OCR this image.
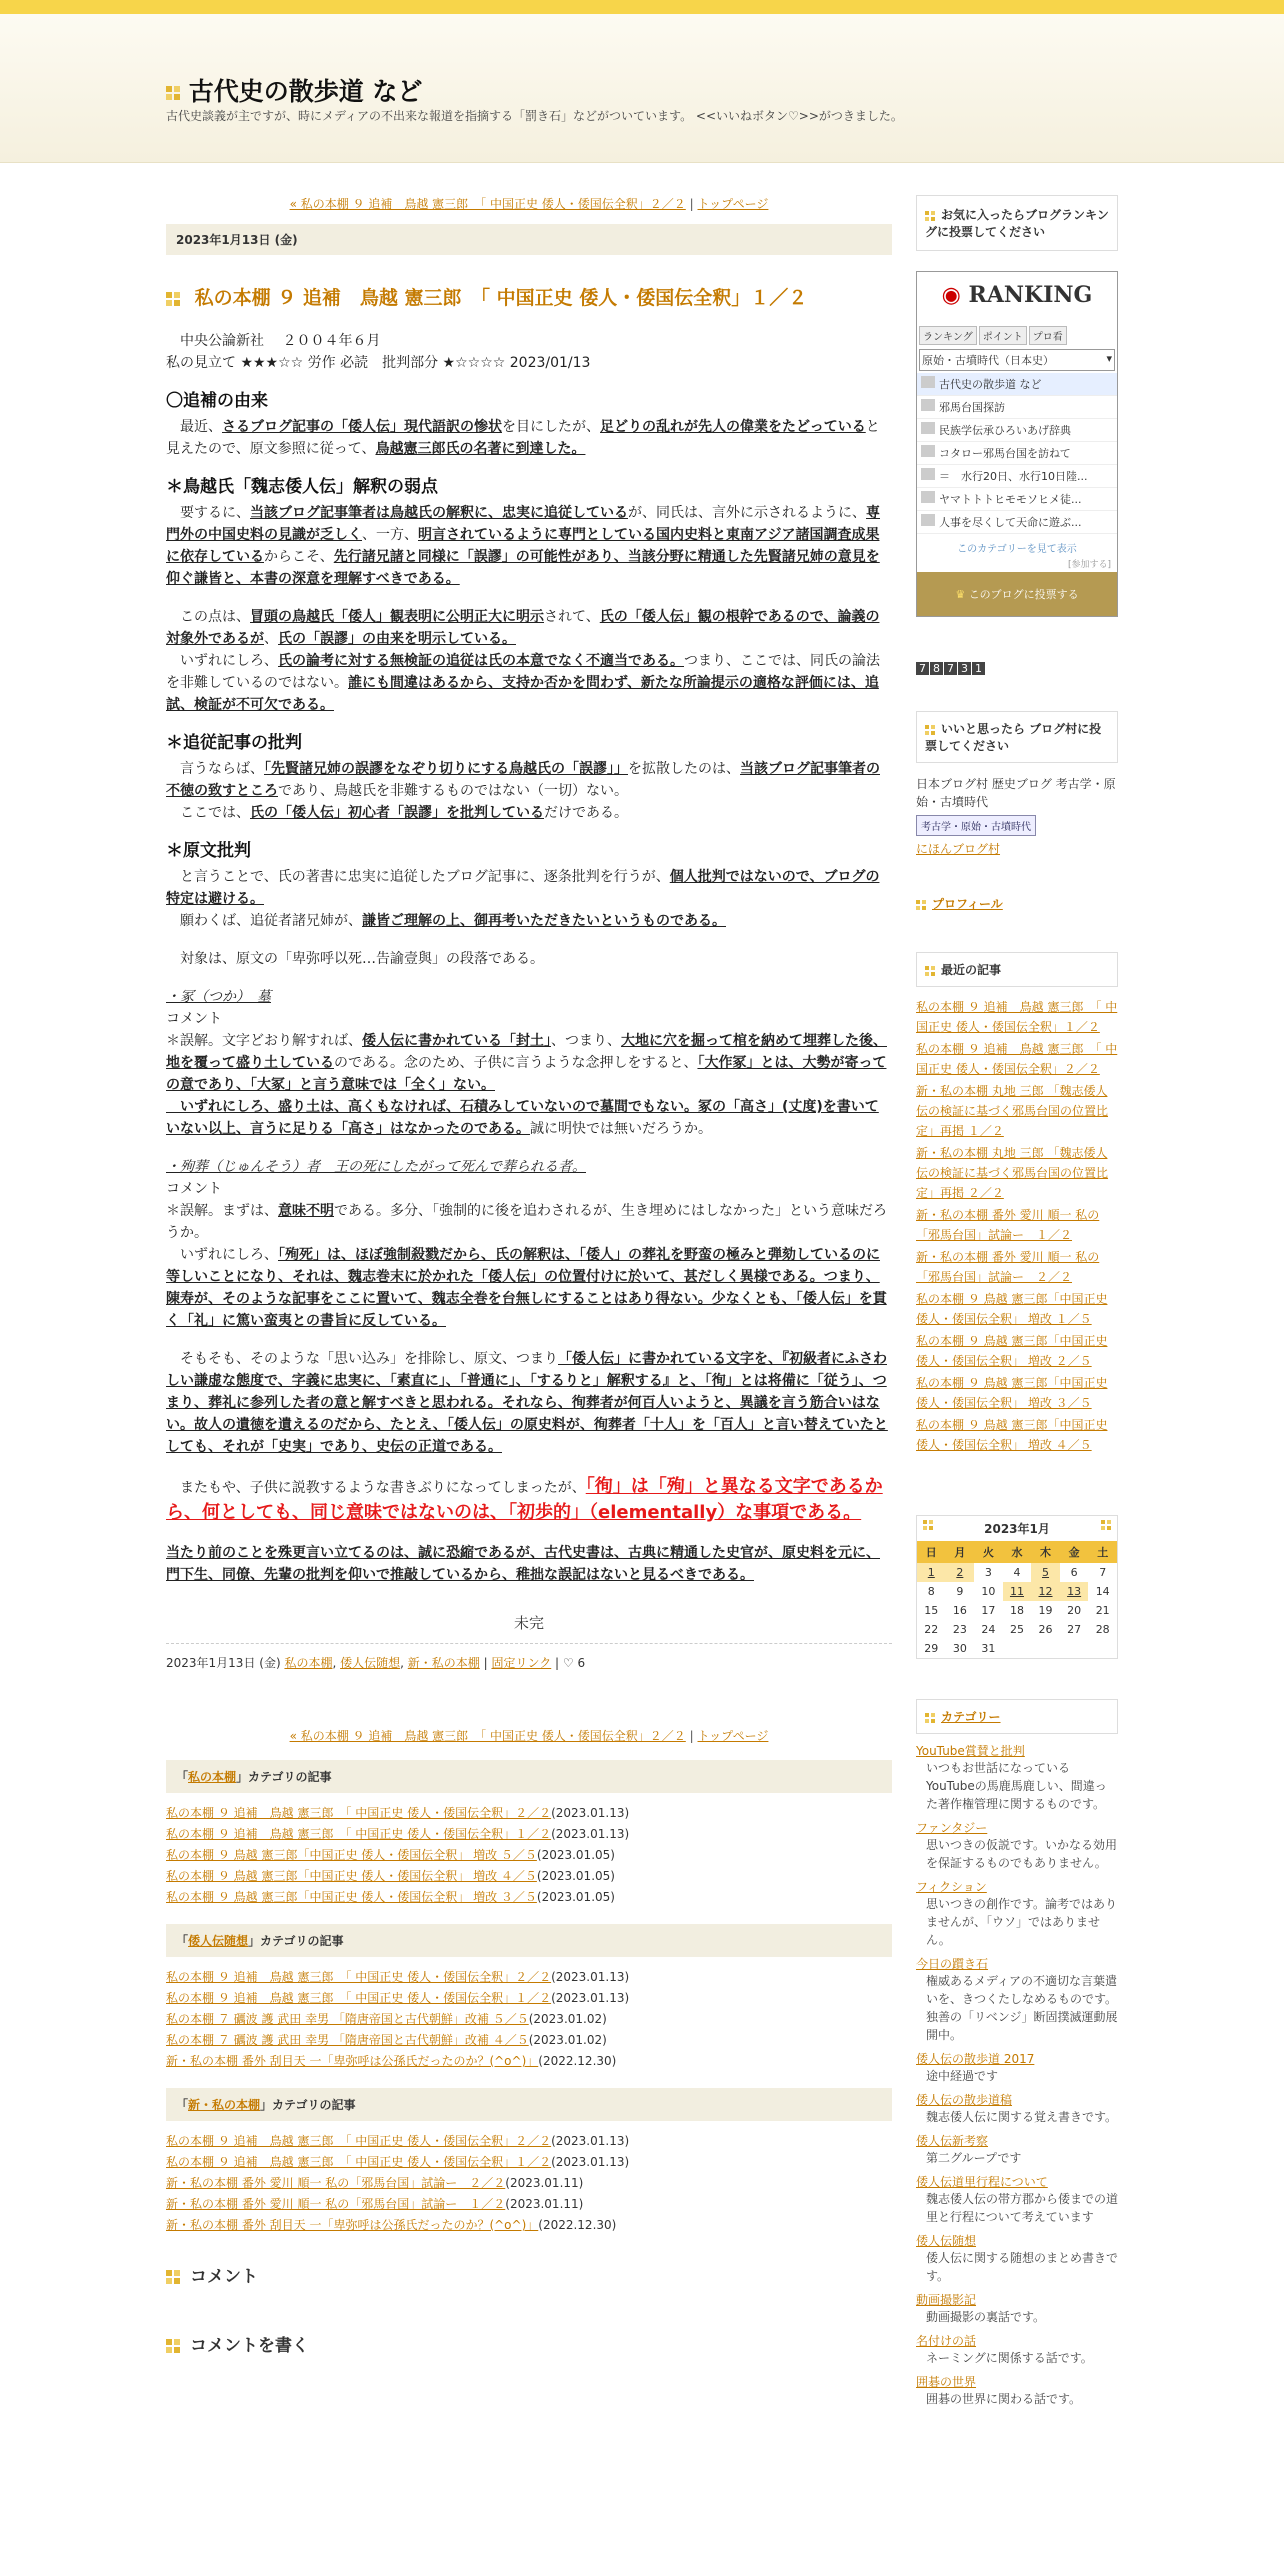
古代史の散歩道 など
古代史談義が主ですが、時にメディアの不出来な報道を指摘する「罰き石」などがついています。 <<いいねボタン♡>>がつきました。
« 私の本棚 ９ 追補　鳥越 憲三郎　「 中国正史 倭人・倭国伝全釈」２／２ | トップページ
2023年1月13日 (金)
私の本棚 ９ 追補　鳥越 憲三郎　「 中国正史 倭人・倭国伝全釈」１／２

　中央公論新社　 ２００４年６月

私の見立て ★★★☆☆ 労作 必読　批判部分 ★☆☆☆☆ 2023/01/13

〇追補の由来

　最近、さるブログ記事の「倭人伝」現代語訳の惨状を目にしたが、足どりの乱れが先人の偉業をたどっていると見えたので、原文参照に従って、鳥越憲三郎氏の名著に到達した。

＊鳥越氏「魏志倭人伝」解釈の弱点

　要するに、当該ブログ記事筆者は鳥越氏の解釈に、忠実に追従しているが、同氏は、言外に示されるように、専門外の中国史料の見識が乏しく、一方、明言されているように専門としている国内史料と東南アジア諸国調査成果に依存しているからこそ、先行諸兄諸と同様に「誤謬」の可能性があり、当該分野に精通した先賢諸兄姉の意見を仰ぐ謙皆と、本書の深意を理解すべきである。

　この点は、冒頭の鳥越氏「倭人」観表明に公明正大に明示されて、氏の「倭人伝」観の根幹であるので、論義の対象外であるが、氏の「誤謬」の由来を明示している。
　いずれにしろ、氏の論考に対する無検証の追従は氏の本意でなく不適当である。つまり、ここでは、同氏の論法を非難しているのではない。誰にも間違はあるから、支持か否かを問わず、新たな所論提示の適格な評価には、追試、検証が不可欠である。

＊追従記事の批判

　言うならば、「先賢諸兄姉の誤謬をなぞり切りにする鳥越氏の「誤謬」」を拡散したのは、当該ブログ記事筆者の不徳の致すところであり、鳥越氏を非難するものではない（一切）ない。
　ここでは、氏の「倭人伝」初心者「誤謬」を批判しているだけである。

＊原文批判

　と言うことで、氏の著書に忠実に追従したブログ記事に、逐条批判を行うが、個人批判ではないので、ブログの特定は避ける。
　願わくば、追従者諸兄姉が、謙皆ご理解の上、御再考いただきたいというものである。

　対象は、原文の「卑弥呼以死…告諭壹與」の段落である。

・冢（つか）　墓

コメント

＊誤解。文字どおり解すれば、倭人伝に書かれている「封土」、つまり、大地に穴を掘って棺を納めて埋葬した後、地を覆って盛り土しているのである。念のため、子供に言うような念押しをすると、「大作冢」とは、大勢が寄っての意であり、「大冢」と言う意味では「全く」ない。
　いずれにしろ、盛り土は、高くもなければ、石積みしていないので墓間でもない。冢の「高さ」(丈度)を書いていない以上、言うに足りる「高さ」はなかったのである。誠に明快では無いだろうか。

・殉葬（じゅんそう）者　王の死にしたがって死んで葬られる者。

コメント

＊誤解。まずは、意味不明である。多分、「強制的に後を追わされるが、生き埋めにはしなかった」という意味だろうか。
　いずれにしろ、「殉死」は、ほぼ強制殺戮だから、氏の解釈は、「倭人」の葬礼を野蛮の極みと弾劾しているのに等しいことになり、それは、魏志巻末に於かれた「倭人伝」の位置付けに於いて、甚だしく異様である。つまり、陳寿が、そのような記事をここに置いて、魏志全巻を台無しにすることはあり得ない。少なくとも、「倭人伝」を貫く「礼」に篤い蛮夷との書旨に反している。

　そもそも、そのような「思い込み」を排除し、原文、つまり「倭人伝」に書かれている文字を、『初級者にふさわしい謙虚な態度で、字義に忠実に、「素直に」、「普通に」、「するりと」解釈する』と、「徇」とは将備に「従う」、つまり、葬礼に参列した者の意と解すべきと思われる。それなら、徇葬者が何百人いようと、異議を言う筋合いはない。故人の遺徳を遺えるのだから、たとえ、「倭人伝」の原史料が、徇葬者「十人」を「百人」と言い替えていたとしても、それが「史実」であり、史伝の正道である。

　またもや、子供に説教するような書きぶりになってしまったが、「徇」は「殉」と異なる文字であるから、何としても、同じ意味ではないのは、「初歩的」（elementally）な事項である。

当たり前のことを殊更言い立てるのは、誠に恐縮であるが、古代史書は、古典に精通した史官が、原史料を元に、門下生、同僚、先輩の批判を仰いで推敲しているから、稚拙な誤記はないと見るべきである。

未完
2023年1月13日 (金) 私の本棚, 倭人伝随想, 新・私の本棚 | 固定リンク | ♡ 6
« 私の本棚 ９ 追補　鳥越 憲三郎　「 中国正史 倭人・倭国伝全釈」２／２ | トップページ
「私の本棚」カテゴリの記事
私の本棚 ９ 追補　鳥越 憲三郎　「 中国正史 倭人・倭国伝全釈」２／２(2023.01.13)
私の本棚 ９ 追補　鳥越 憲三郎　「 中国正史 倭人・倭国伝全釈」１／２(2023.01.13)
私の本棚 ９ 鳥越 憲三郎「中国正史 倭人・倭国伝全釈」 増改 ５／５(2023.01.05)
私の本棚 ９ 鳥越 憲三郎「中国正史 倭人・倭国伝全釈」 増改 ４／５(2023.01.05)
私の本棚 ９ 鳥越 憲三郎「中国正史 倭人・倭国伝全釈」 増改 ３／５(2023.01.05)
「倭人伝随想」カテゴリの記事
私の本棚 ９ 追補　鳥越 憲三郎　「 中国正史 倭人・倭国伝全釈」２／２(2023.01.13)
私の本棚 ９ 追補　鳥越 憲三郎　「 中国正史 倭人・倭国伝全釈」１／２(2023.01.13)
私の本棚 ７ 礪波 護 武田 幸男 「隋唐帝国と古代朝鮮」改補 ５／５(2023.01.02)
私の本棚 ７ 礪波 護 武田 幸男 「隋唐帝国と古代朝鮮」改補 ４／５(2023.01.02)
新・私の本棚 番外 刮目天 一「卑弥呼は公孫氏だったのか？(^o^)」(2022.12.30)
「新・私の本棚」カテゴリの記事
私の本棚 ９ 追補　鳥越 憲三郎　「 中国正史 倭人・倭国伝全釈」２／２(2023.01.13)
私の本棚 ９ 追補　鳥越 憲三郎　「 中国正史 倭人・倭国伝全釈」１／２(2023.01.13)
新・私の本棚 番外 愛川 順一 私の「邪馬台国」試論ー　２／２(2023.01.11)
新・私の本棚 番外 愛川 順一 私の「邪馬台国」試論ー　１／２(2023.01.11)
新・私の本棚 番外 刮目天 一「卑弥呼は公孫氏だったのか？(^o^)」(2022.12.30)
コメント
コメントを書く
お気に入ったらブログランキングに投票してください
◉ RANKING
ランキング	ポイント	プロ看
原始・古墳時代（日本史）	▾
古代史の散歩道 など
邪馬台国探訪
民族学伝承ひろいあげ辞典
コタロー邪馬台国を訪ねて
＝　水行20日、水行10日陸...
ヤマトトトヒモモソヒメ徒...
人事を尽くして天命に遊ぶ...
このカテゴリーを見て表示
[参加する]
♛ このブログに投票する
7 8 7 3 1
いいと思ったら ブログ村に投票してください
日本ブログ村 歴史ブログ 考古学・原始・古墳時代
考古学・原始・古墳時代
にほんブログ村
プロフィール
最近の記事
私の本棚 ９ 追補　鳥越 憲三郎　「 中国正史 倭人・倭国伝全釈」１／２
私の本棚 ９ 追補　鳥越 憲三郎　「 中国正史 倭人・倭国伝全釈」２／２
新・私の本棚 丸地 三郎 「魏志倭人伝の検証に基づく邪馬台国の位置比定」再掲 １／２
新・私の本棚 丸地 三郎 「魏志倭人伝の検証に基づく邪馬台国の位置比定」再掲 ２／２
新・私の本棚 番外 愛川 順一 私の「邪馬台国」試論ー　１／２
新・私の本棚 番外 愛川 順一 私の「邪馬台国」試論ー　２／２
私の本棚 ９ 鳥越 憲三郎「中国正史 倭人・倭国伝全釈」 増改 １／５
私の本棚 ９ 鳥越 憲三郎「中国正史 倭人・倭国伝全釈」 増改 ２／５
私の本棚 ９ 鳥越 憲三郎「中国正史 倭人・倭国伝全釈」 増改 ３／５
私の本棚 ９ 鳥越 憲三郎「中国正史 倭人・倭国伝全釈」 増改 ４／５
2023年1月
日	月	火	水	木	金	土
1	2	3	4	5	6	7
8	9	10	11	12	13	14
15	16	17	18	19	20	21
22	23	24	25	26	27	28
29	30	31				
カテゴリー
YouTube賞賛と批判
いつもお世話になっているYouTubeの馬鹿馬鹿しい、間違った著作権管理に関するものです。
ファンタジー
思いつきの仮説です。いかなる効用を保証するものでもありません。
フィクション
思いつきの創作です。論考ではありませんが、「ウソ」ではありません。
今日の躓き石
権威あるメディアの不適切な言葉遣いを、きつくたしなめるものです。独善の「リベンジ」断固撲滅運動展開中。
倭人伝の散歩道 2017
途中経過です
倭人伝の散歩道稿
魏志倭人伝に関する覚え書きです。
倭人伝新考察
第二グループです
倭人伝道里行程について
魏志倭人伝の帯方郡から倭までの道里と行程について考えています
倭人伝随想
倭人伝に関する随想のまとめ書きです。
動画撮影記
動画撮影の裏話です。
名付けの話
ネーミングに関係する話です。
囲碁の世界
囲碁の世界に関わる話です。
